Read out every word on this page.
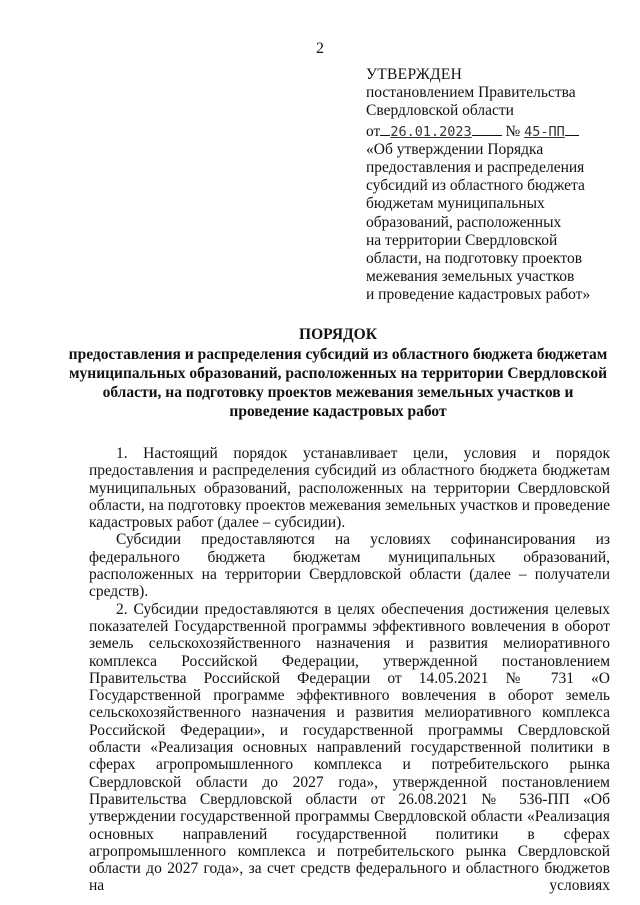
2
УТВЕРЖДЕН
постановлением Правительства
Свердловской области
от 26.01.2023 № 45-ПП
«Об утверждении Порядка
предоставления и распределения
субсидий из областного бюджета
бюджетам муниципальных
образований, расположенных
на территории Свердловской
области, на подготовку проектов
межевания земельных участков
и проведение кадастровых работ»
ПОРЯДОК
предоставления и распределения субсидий из областного бюджета бюджетам
муниципальных образований, расположенных на территории Свердловской
области, на подготовку проектов межевания земельных участков и
проведение кадастровых работ

1. Настоящий порядок устанавливает цели, условия и порядок предоставления и распределения субсидий из областного бюджета бюджетам муниципальных образований, расположенных на территории Свердловской области, на подготовку проектов межевания земельных участков и проведение кадастровых работ (далее – субсидии).

Субсидии предоставляются на условиях софинансирования из федерального бюджета бюджетам муниципальных образований, расположенных на территории Свердловской области (далее – получатели средств).

2. Субсидии предоставляются в целях обеспечения достижения целевых показателей Государственной программы эффективного вовлечения в оборот земель сельскохозяйственного назначения и развития мелиоративного комплекса Российской Федерации, утвержденной постановлением Правительства Российской Федерации от 14.05.2021 № 731 «О Государственной программе эффективного вовлечения в оборот земель сельскохозяйственного назначения и развития мелиоративного комплекса Российской Федерации», и государственной программы Свердловской области «Реализация основных направлений государственной политики в сферах агропромышленного комплекса и потребительского рынка Свердловской области до 2027 года», утвержденной постановлением Правительства Свердловской области от 26.08.2021 № 536-ПП «Об утверждении государственной программы Свердловской области «Реализация основных направлений государственной политики в сферах агропромышленного комплекса и потребительского рынка Свердловской области до 2027 года», за счет средств федерального и областного бюджетов на условиях
